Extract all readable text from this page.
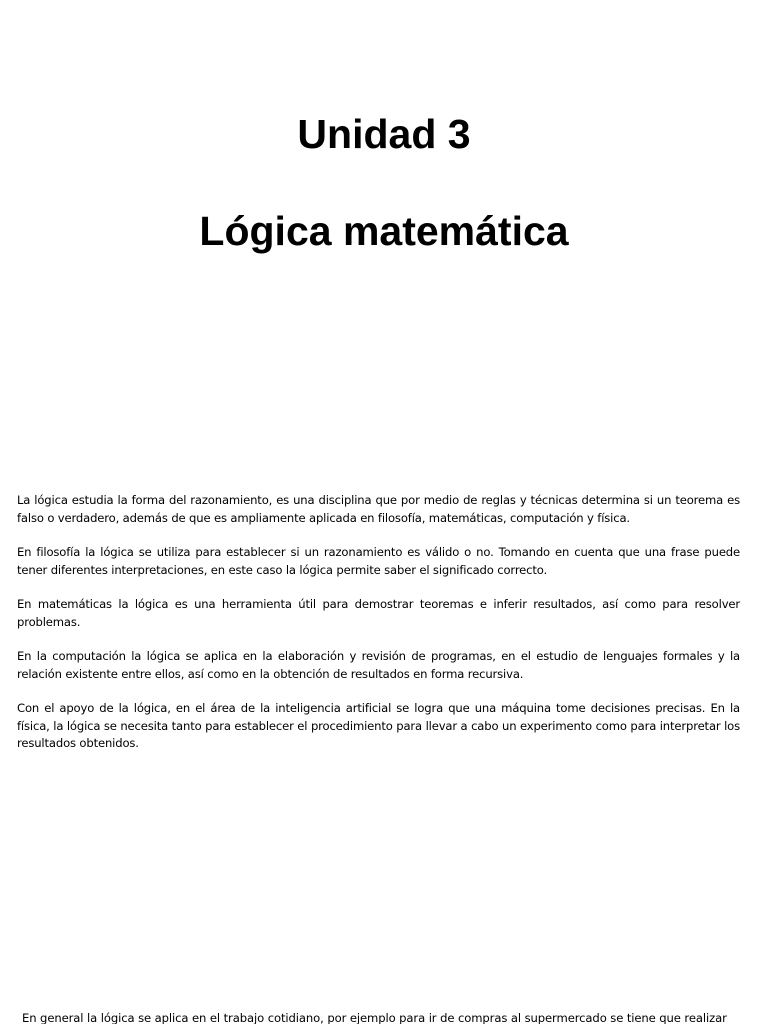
Unidad 3
Lógica matemática

La lógica estudia la forma del razonamiento, es una disciplina que por medio de reglas y técnicas determina si un teorema es falso o verdadero, además de que es ampliamente aplicada en filosofía, matemáticas, computación y física.

En filosofía la lógica se utiliza para establecer si un razonamiento es válido o no. Tomando en cuenta que una frase puede tener diferentes interpretaciones, en este caso la lógica permite saber el significado correcto.

En matemáticas la lógica es una herramienta útil para demostrar teoremas e inferir resultados, así como para resolver problemas.

En la computación la lógica se aplica en la elaboración y revisión de programas, en el estudio de lenguajes formales y la relación existente entre ellos, así como en la obtención de resultados en forma recursiva.

Con el apoyo de la lógica, en el área de la inteligencia artificial se logra que una máquina tome decisiones precisas. En la física, la lógica se necesita tanto para establecer el procedimiento para llevar a cabo un experimento como para interpretar los resultados obtenidos.

En general la lógica se aplica en el trabajo cotidiano, por ejemplo para ir de compras al supermercado se tiene que realizar
